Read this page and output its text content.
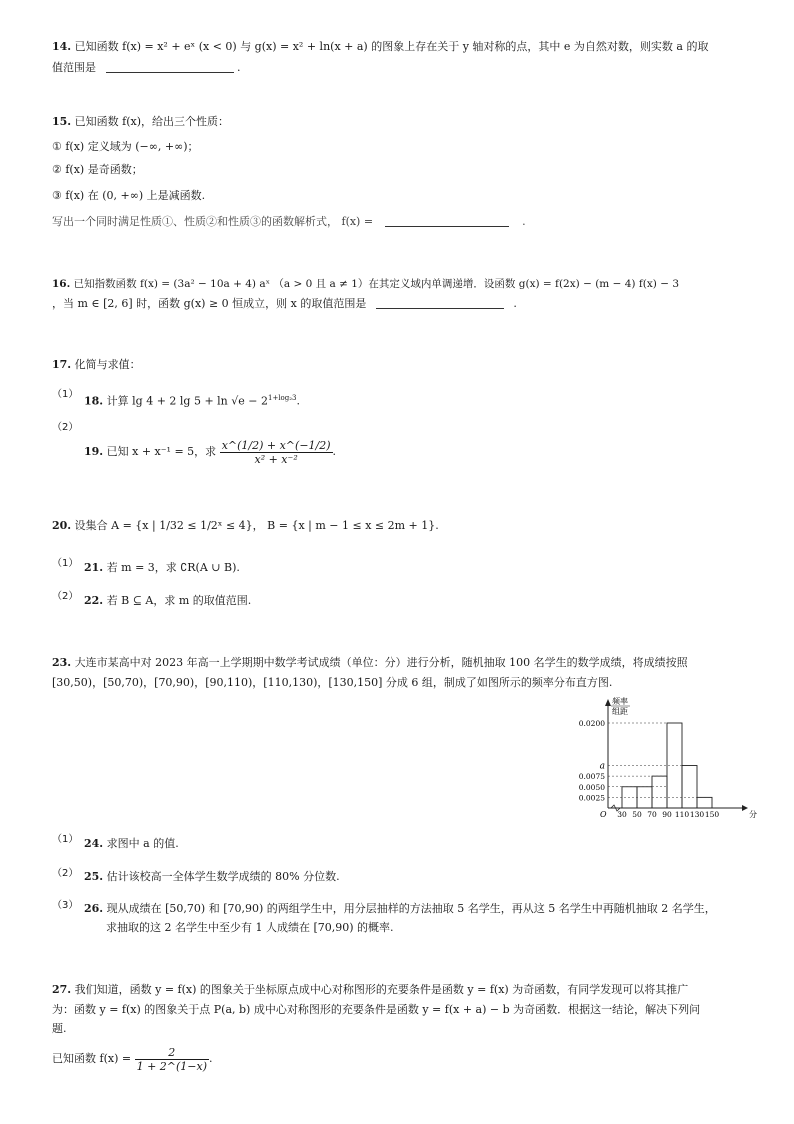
14. 已知函数 f(x) = x² + eˣ (x < 0) 与 g(x) = x² + ln(x + a) 的图象上存在关于 y 轴对称的点，其中 e 为自然对数，则实数 a 的取
值范围是	.
15. 已知函数 f(x)，给出三个性质：
① f(x) 定义域为 (−∞, +∞)；
② f(x) 是奇函数；
③ f(x) 在 (0, +∞) 上是减函数.
写出一个同时满足性质①、性质②和性质③的函数解析式， f(x) =	.
16. 已知指数函数 f(x) = (3a² − 10a + 4) aˣ （a > 0 且 a ≠ 1）在其定义域内单调递增．设函数 g(x) = f(2x) − (m − 4) f(x) − 3
，当 m ∈ [2, 6] 时，函数 g(x) ≥ 0 恒成立，则 x 的取值范围是	.
17. 化简与求值：
（1）
18. 计算 lg 4 + 2 $\lg 5 + \ln √e - 2^{1+log_23}$.
（2）
19. 已知 x + x⁻¹ = 5，求 $\frac{x\^{}(1/2) + x\^{}(-1/2)}{\text{x² + x⁻²}}$ .
20. 设集合 A = {x | 1/32 ≤ 1/2ˣ ≤ 4}， B = {x | m − 1 ≤ x ≤ 2m + 1}.
（1） 21. 若 m = 3，求 ∁R(A ∪ B).
（2） 22. 若 B ⊆ A，求 m 的取值范围.
23. 大连市某高中对 2023 年高一上学期期中数学考试成绩（单位：分）进行分析，随机抽取 100 名学生的数学成绩，将成绩按照
[30,50)，[50,70)，[70,90)，[90,110)，[110,130)，[130,150] 分成 6 组，制成了如图所示的频率分布直方图.
频率
组距
0.0025
0.0050
0.0075
a
0.0200
30 50 70 90 110 130 150
O	分
（1） 24. 求图中 a 的值.
（2） 25. 估计该校高一全体学生数学成绩的 80% 分位数.
（3） 26. 现从成绩在 [50,70) 和 [70,90) 的两组学生中，用分层抽样的方法抽取 5 名学生，再从这 5 名学生中再随机抽取 2 名学生，
求抽取的这 2 名学生中至少有 1 人成绩在 [70,90) 的概率.
27. 我们知道，函数 y = f(x) 的图象关于坐标原点成中心对称图形的充要条件是函数 y = f(x) 为奇函数，有同学发现可以将其推广
为：函数 y = f(x) 的图象关于点 P(a, b) 成中心对称图形的充要条件是函数 y = f(x + a) − b 为奇函数．根据这一结论，解决下列问
题.
已知函数 $f(x) = \frac{2}{1 + 2\^{}(1-x)}$ .
